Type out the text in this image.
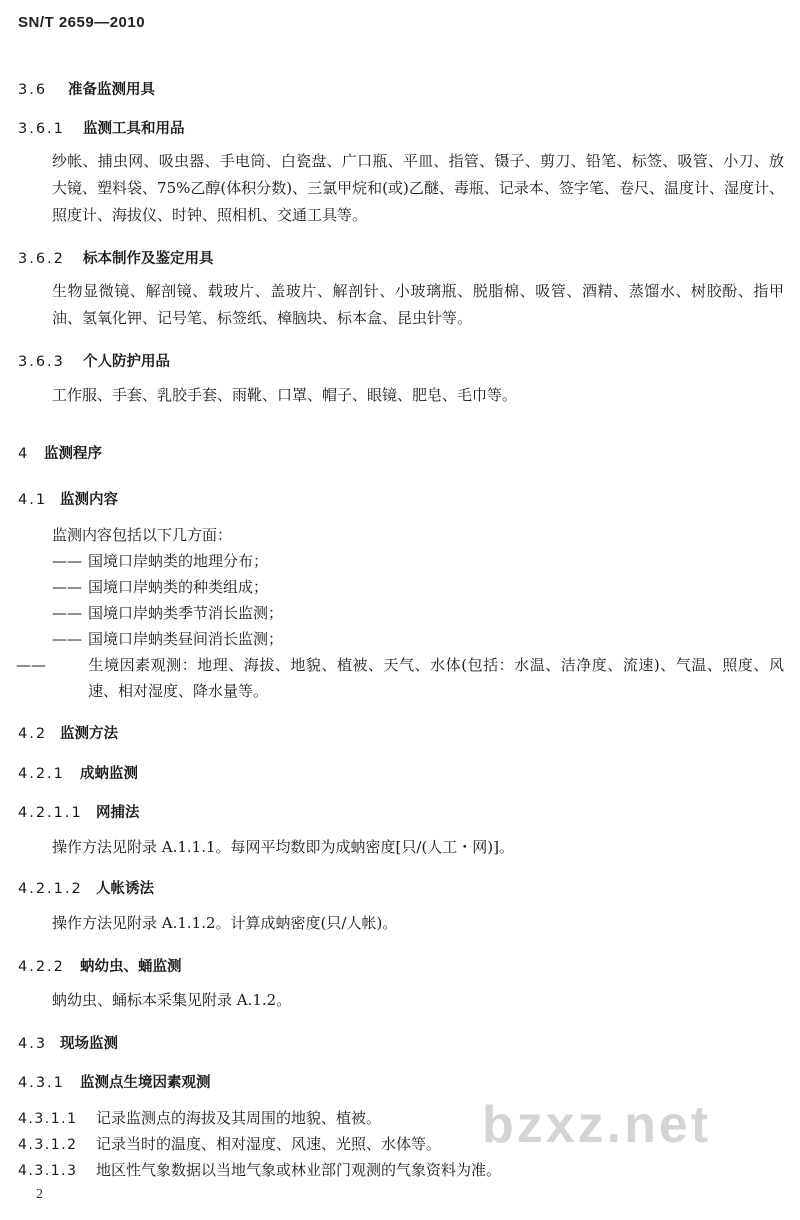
SN/T 2659—2010
3.6 准备监测用具
3.6.1 监测工具和用品
纱帐、捕虫网、吸虫器、手电筒、白瓷盘、广口瓶、平皿、指管、镊子、剪刀、铅笔、标签、吸管、小刀、放大镜、塑料袋、75%乙醇(体积分数)、三氯甲烷和(或)乙醚、毒瓶、记录本、签字笔、卷尺、温度计、湿度计、照度计、海拔仪、时钟、照相机、交通工具等。
3.6.2 标本制作及鉴定用具
生物显微镜、解剖镜、载玻片、盖玻片、解剖针、小玻璃瓶、脱脂棉、吸管、酒精、蒸馏水、树胶酚、指甲油、氢氧化钾、记号笔、标签纸、樟脑块、标本盒、昆虫针等。
3.6.3 个人防护用品
工作服、手套、乳胶手套、雨靴、口罩、帽子、眼镜、肥皂、毛巾等。
4 监测程序
4.1 监测内容
监测内容包括以下几方面：
—— 国境口岸蚋类的地理分布；
—— 国境口岸蚋类的种类组成；
—— 国境口岸蚋类季节消长监测；
—— 国境口岸蚋类昼间消长监测；
——	生境因素观测：地理、海拔、地貌、植被、天气、水体(包括：水温、洁净度、流速)、气温、照度、风速、相对湿度、降水量等。
4.2 监测方法
4.2.1 成蚋监测
4.2.1.1 网捕法
操作方法见附录 A.1.1.1。每网平均数即为成蚋密度[只/(人工・网)]。
4.2.1.2 人帐诱法
操作方法见附录 A.1.1.2。计算成蚋密度(只/人帐)。
4.2.2 蚋幼虫、蛹监测
蚋幼虫、蛹标本采集见附录 A.1.2。
4.3 现场监测
4.3.1 监测点生境因素观测
4.3.1.1 记录监测点的海拔及其周围的地貌、植被。
4.3.1.2 记录当时的温度、相对湿度、风速、光照、水体等。
4.3.1.3 地区性气象数据以当地气象或林业部门观测的气象资料为准。
bzxz.net
2
